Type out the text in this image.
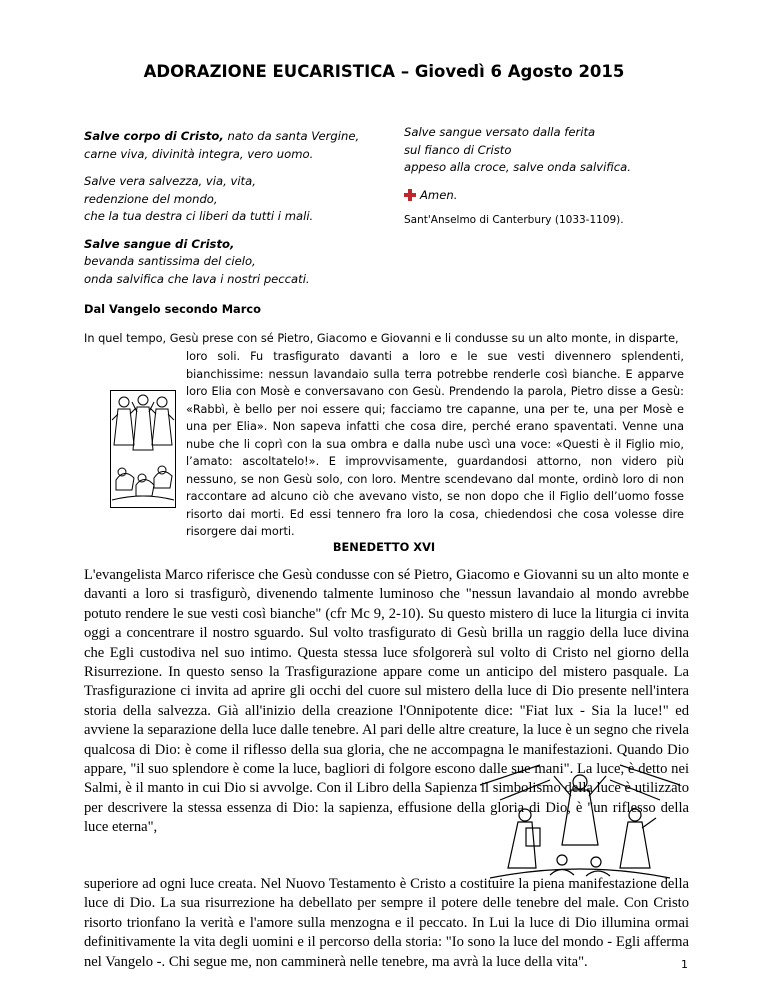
ADORAZIONE EUCARISTICA – Giovedì 6 Agosto 2015

Salve corpo di Cristo, nato da santa Vergine,
carne viva, divinità integra, vero uomo.

Salve vera salvezza, via, vita,
redenzione del mondo,
che la tua destra ci liberi da tutti i mali.

Salve sangue di Cristo,
bevanda santissima del cielo,
onda salvifica che lava i nostri peccati.

Salve sangue versato dalla ferita
sul fianco di Cristo
appeso alla croce, salve onda salvifica.

Amen.
Sant'Anselmo di Canterbury (1033-1109).
Dal Vangelo secondo Marco
In quel tempo, Gesù prese con sé Pietro, Giacomo e Giovanni e li condusse su un alto monte, in disparte,
loro soli. Fu trasfigurato davanti a loro e le sue vesti divennero splendenti, bianchissime: nessun lavandaio sulla terra potrebbe renderle così bianche. E apparve loro Elia con Mosè e conversavano con Gesù. Prendendo la parola, Pietro disse a Gesù: «Rabbì, è bello per noi essere qui; facciamo tre capanne, una per te, una per Mosè e una per Elia». Non sapeva infatti che cosa dire, perché erano spaventati. Venne una nube che li coprì con la sua ombra e dalla nube uscì una voce: «Questi è il Figlio mio, l’amato: ascoltatelo!». E improvvisamente, guardandosi attorno, non videro più nessuno, se non Gesù solo, con loro. Mentre scendevano dal monte, ordinò loro di non raccontare ad alcuno ciò che avevano visto, se non dopo che il Figlio dell’uomo fosse risorto dai morti. Ed essi tennero fra loro la cosa, chiedendosi che cosa volesse dire risorgere dai morti.
BENEDETTO XVI
L'evangelista Marco riferisce che Gesù condusse con sé Pietro, Giacomo e Giovanni su un alto monte e davanti a loro si trasfigurò, divenendo talmente luminoso che "nessun lavandaio al mondo avrebbe potuto rendere le sue vesti così bianche" (cfr Mc 9, 2-10). Su questo mistero di luce la liturgia ci invita oggi a concentrare il nostro sguardo. Sul volto trasfigurato di Gesù brilla un raggio della luce divina che Egli custodiva nel suo intimo. Questa stessa luce sfolgorerà sul volto di Cristo nel giorno della Risurrezione. In questo senso la Trasfigurazione appare come un anticipo del mistero pasquale. La Trasfigurazione ci invita ad aprire gli occhi del cuore sul mistero della luce di Dio presente nell'intera storia della salvezza. Già all'inizio della creazione l'Onnipotente dice: "Fiat lux - Sia la luce!" ed avviene la separazione della luce dalle tenebre. Al pari delle altre creature, la luce è un segno che rivela qualcosa di Dio: è come il riflesso della sua gloria, che ne accompagna le manifestazioni. Quando Dio appare, "il suo splendore è come la luce, bagliori di folgore escono dalle sue mani". La luce, è detto nei Salmi, è il manto in cui Dio si avvolge. Con il Libro della Sapienza il simbolismo della luce è utilizzato per descrivere la stessa essenza di Dio: la sapienza, effusione della gloria di Dio, è "un riflesso della luce eterna",
superiore ad ogni luce creata. Nel Nuovo Testamento è Cristo a costituire la piena manifestazione della luce di Dio. La sua risurrezione ha debellato per sempre il potere delle tenebre del male. Con Cristo risorto trionfano la verità e l'amore sulla menzogna e il peccato. In Lui la luce di Dio illumina ormai definitivamente la vita degli uomini e il percorso della storia: "Io sono la luce del mondo - Egli afferma nel Vangelo -. Chi segue me, non camminerà nelle tenebre, ma avrà la luce della vita".	1
